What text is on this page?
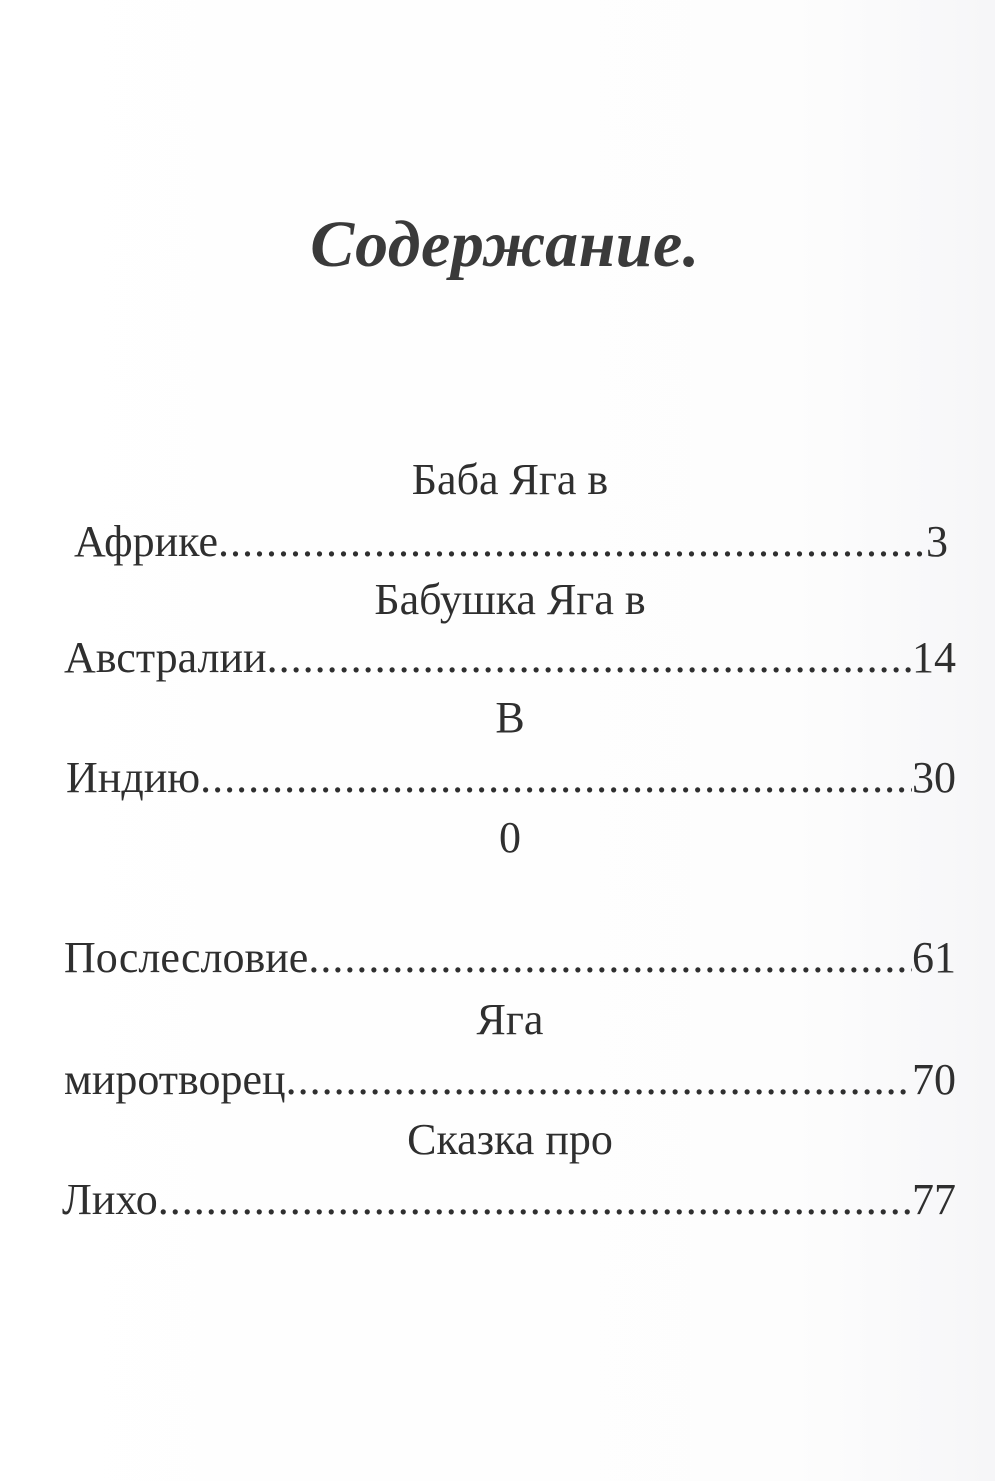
Содержание.
Баба Яга в
Африке .....	3
Бабушка Яга в
Австралии .....	14
В
Индию .....	30
0
Послесловие .....	61
Яга
миротворец .....	70
Сказка про
Лихо .....	77
